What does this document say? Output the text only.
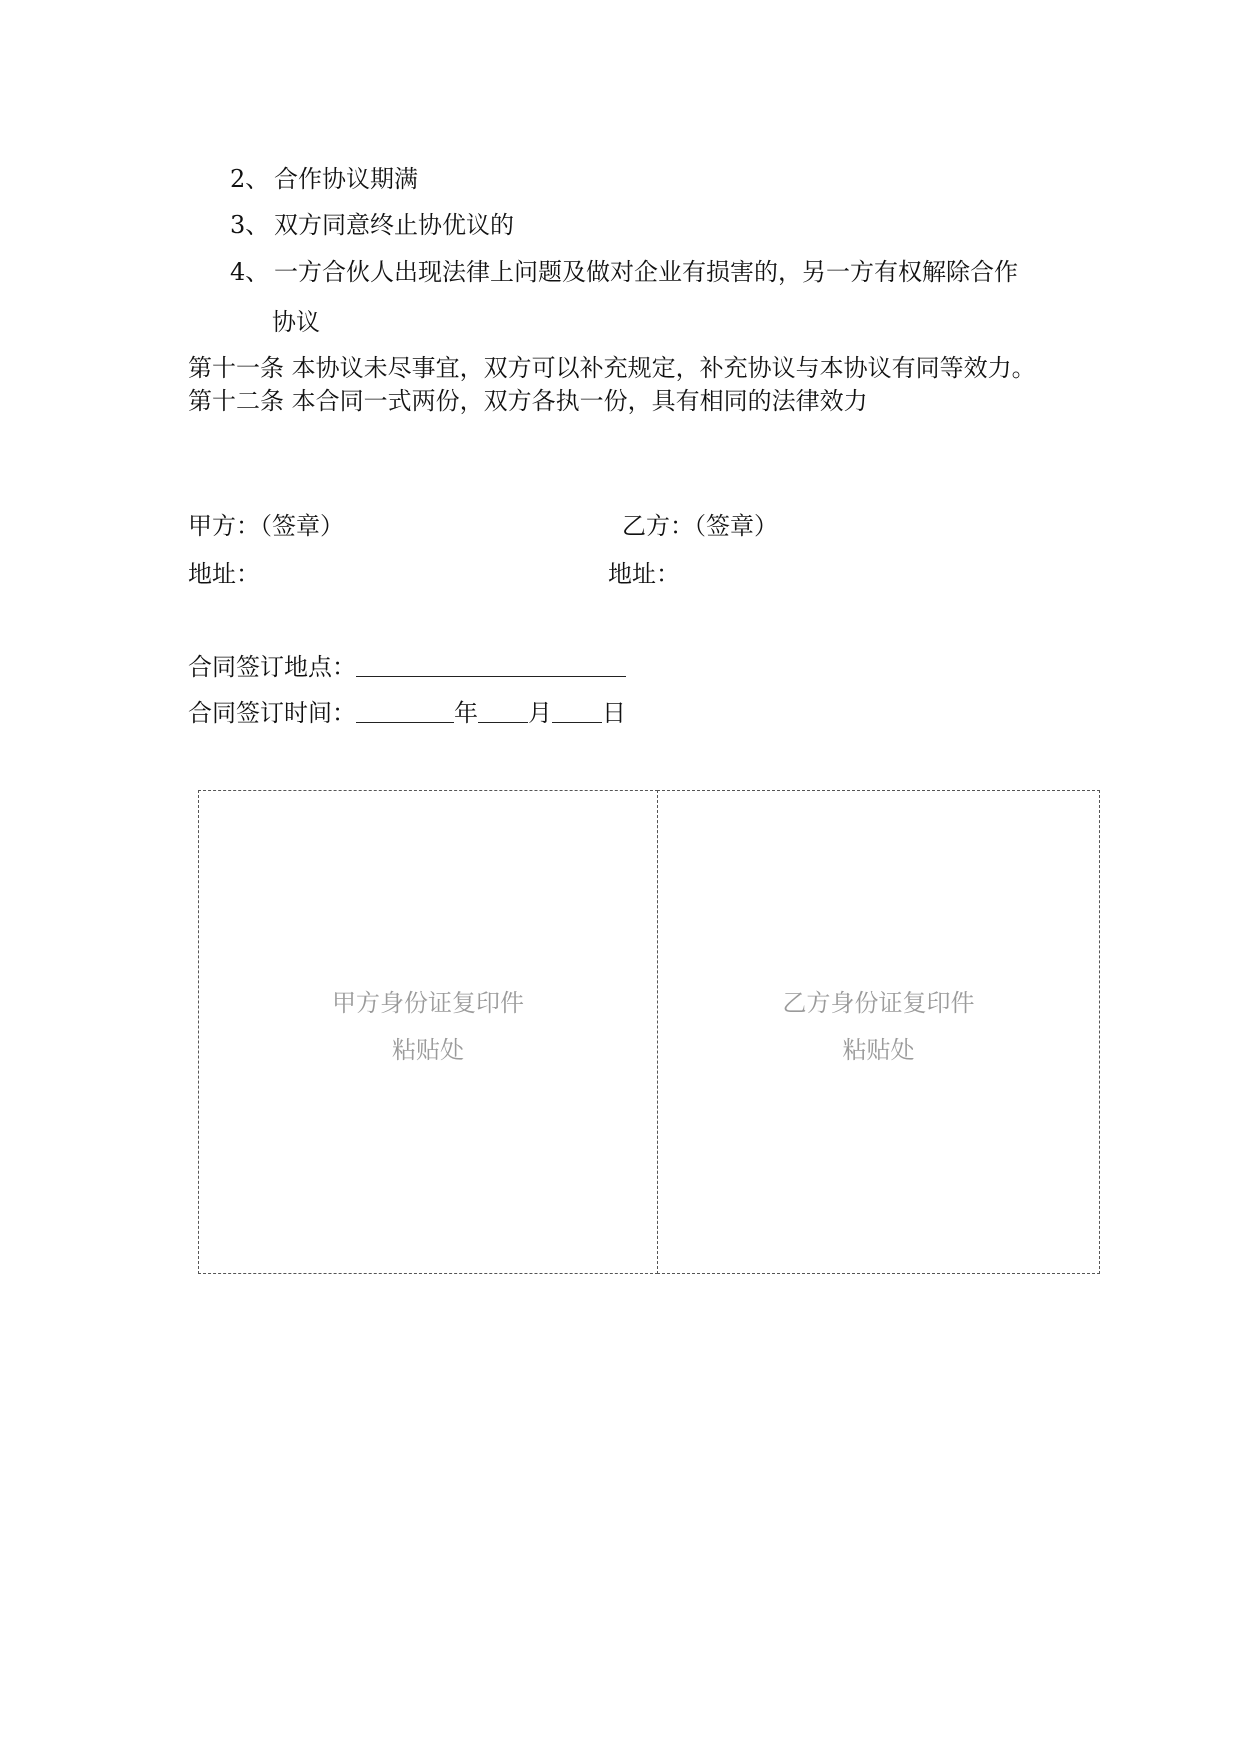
2、 合作协议期满
3、 双方同意终止协优议的
4、 一方合伙人出现法律上问题及做对企业有损害的，另一方有权解除合作
协议
第十一条 本协议未尽事宜，双方可以补充规定，补充协议与本协议有同等效力。
第十二条 本合同一式两份，双方各执一份，具有相同的法律效力
甲方：（签章）	乙方：（签章）
地址：	地址：
合同签订地点：
合同签订时间：	年 月 日
甲方身份证复印件
粘贴处
乙方身份证复印件
粘贴处
